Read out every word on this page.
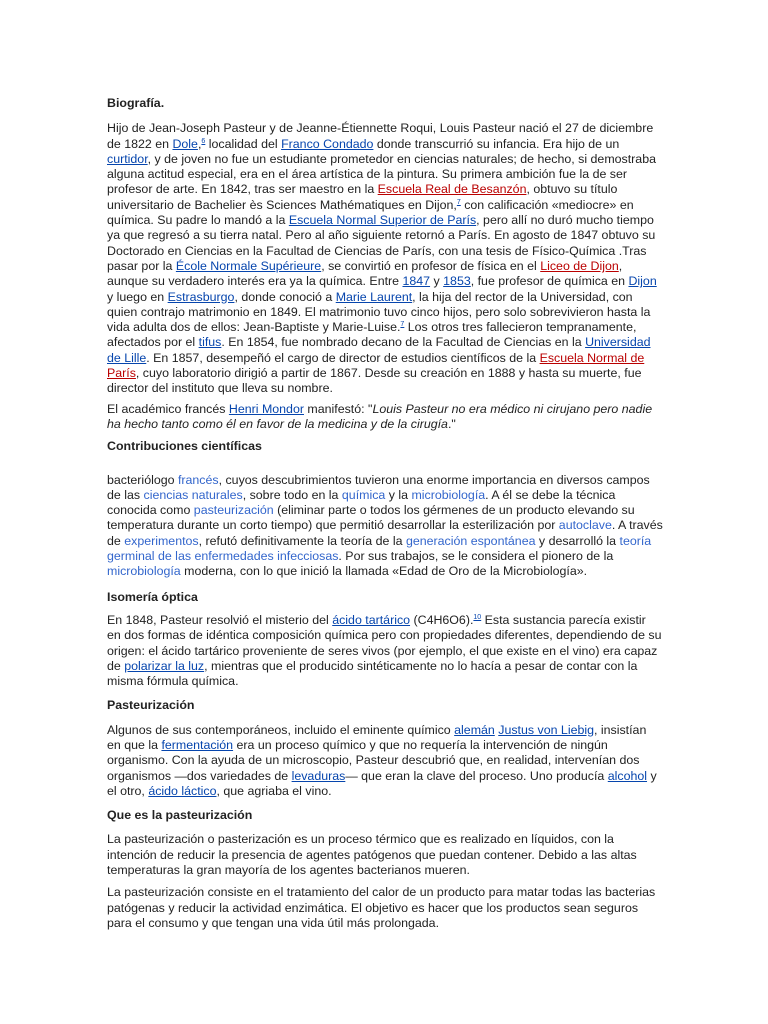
Biografía.

Hijo de Jean-Joseph Pasteur y de Jeanne-Étiennette Roqui, Louis Pasteur nació el 27 de diciembre de 1822 en Dole,$^6$ localidad del Franco Condado donde transcurrió su infancia. Era hijo de un curtidor, y de joven no fue un estudiante prometedor en ciencias naturales; de hecho, si demostraba alguna actitud especial, era en el área artística de la pintura. Su primera ambición fue la de ser profesor de arte. En 1842, tras ser maestro en la Escuela Real de Besanzón, obtuvo su título universitario de Bachelier ès Sciences Mathématiques en Dijon,$^7$ con calificación «mediocre» en química. Su padre lo mandó a la Escuela Normal Superior de París, pero allí no duró mucho tiempo ya que regresó a su tierra natal. Pero al año siguiente retornó a París. En agosto de 1847 obtuvo su Doctorado en Ciencias en la Facultad de Ciencias de París, con una tesis de Físico-Química .Tras pasar por la École Normale Supérieure, se convirtió en profesor de física en el Liceo de Dijon, aunque su verdadero interés era ya la química. Entre 1847 y 1853, fue profesor de química en Dijon y luego en Estrasburgo, donde conoció a Marie Laurent, la hija del rector de la Universidad, con quien contrajo matrimonio en 1849. El matrimonio tuvo cinco hijos, pero solo sobrevivieron hasta la vida adulta dos de ellos: Jean-Baptiste y Marie-Luise.$^7$ Los otros tres fallecieron tempranamente, afectados por el tifus. En 1854, fue nombrado decano de la Facultad de Ciencias en la Universidad de Lille. En 1857, desempeñó el cargo de director de estudios científicos de la Escuela Normal de París, cuyo laboratorio dirigió a partir de 1867. Desde su creación en 1888 y hasta su muerte, fue director del instituto que lleva su nombre.

El académico francés Henri Mondor manifestó: "Louis Pasteur no era médico ni cirujano pero nadie ha hecho tanto como él en favor de la medicina y de la cirugía."

Contribuciones científicas

bacteriólogo francés, cuyos descubrimientos tuvieron una enorme importancia en diversos campos de las ciencias naturales, sobre todo en la química y la microbiología. A él se debe la técnica conocida como pasteurización (eliminar parte o todos los gérmenes de un producto elevando su temperatura durante un corto tiempo) que permitió desarrollar la esterilización por autoclave. A través de experimentos, refutó definitivamente la teoría de la generación espontánea y desarrolló la teoría germinal de las enfermedades infecciosas. Por sus trabajos, se le considera el pionero de la microbiología moderna, con lo que inició la llamada «Edad de Oro de la Microbiología».

Isomería óptica

En 1848, Pasteur resolvió el misterio del ácido tartárico (C4H6O6).$^{10}$ Esta sustancia parecía existir en dos formas de idéntica composición química pero con propiedades diferentes, dependiendo de su origen: el ácido tartárico proveniente de seres vivos (por ejemplo, el que existe en el vino) era capaz de polarizar la luz, mientras que el producido sintéticamente no lo hacía a pesar de contar con la misma fórmula química.

Pasteurización

Algunos de sus contemporáneos, incluido el eminente químico alemán Justus von Liebig, insistían en que la fermentación era un proceso químico y que no requería la intervención de ningún organismo. Con la ayuda de un microscopio, Pasteur descubrió que, en realidad, intervenían dos organismos —dos variedades de levaduras— que eran la clave del proceso. Uno producía alcohol y el otro, ácido láctico, que agriaba el vino.

Que es la pasteurización

La pasteurización o pasterización es un proceso térmico que es realizado en líquidos, con la intención de reducir la presencia de agentes patógenos que puedan contener. Debido a las altas temperaturas la gran mayoría de los agentes bacterianos mueren.

La pasteurización consiste en el tratamiento del calor de un producto para matar todas las bacterias patógenas y reducir la actividad enzimática. El objetivo es hacer que los productos sean seguros para el consumo y que tengan una vida útil más prolongada.
